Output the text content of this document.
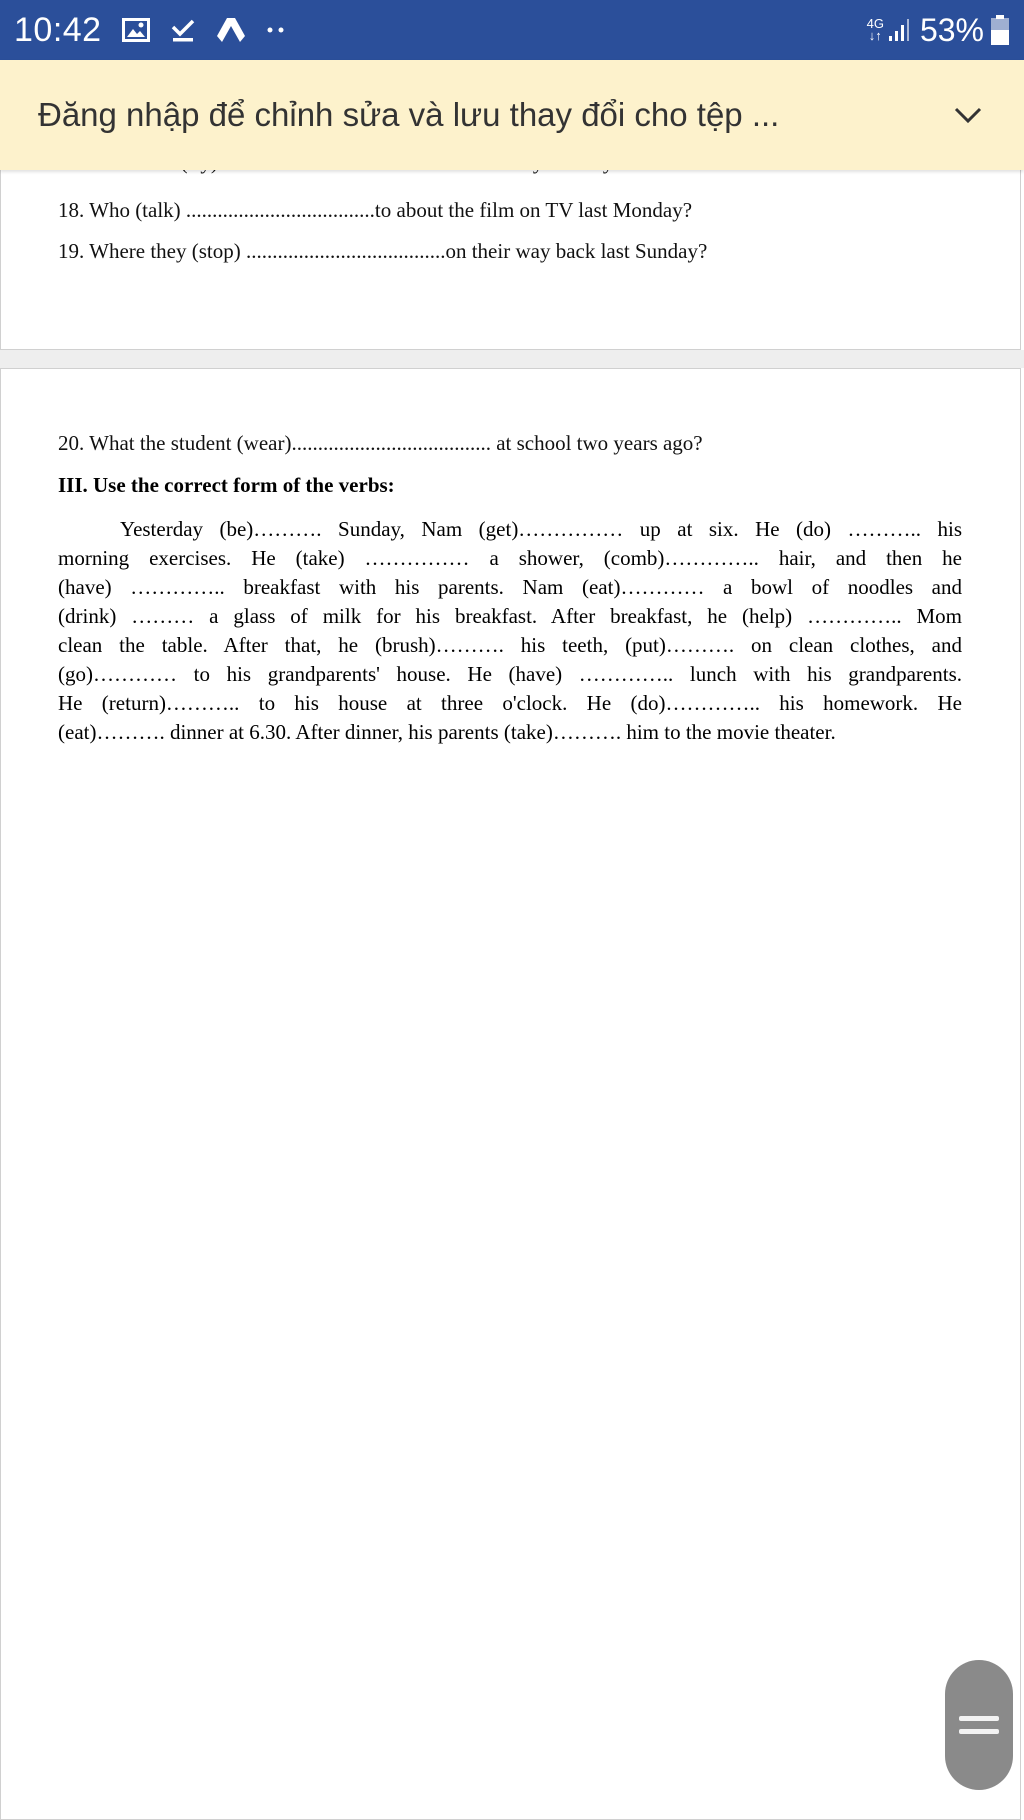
10:42	4G
↓↑ 53%
Đăng nhập để chỉnh sửa và lưu thay đổi cho tệp ...
18. Who (talk) ....................................to about the film on TV last Monday?
19. Where they (stop) ......................................on their way back last Sunday?
20. What the student (wear)...................................... at school two years ago?
III. Use the correct form of the verbs:
Yesterday (be)………. Sunday, Nam (get)…………… up at six. He (do) ……….. his
morning exercises. He (take) …………… a shower, (comb)………….. hair, and then he
(have) ………….. breakfast with his parents. Nam (eat)………… a bowl of noodles and
(drink) ……… a glass of milk for his breakfast. After breakfast, he (help) ………….. Mom
clean the table. After that, he (brush)………. his teeth, (put)………. on clean clothes, and
(go)………… to his grandparents' house. He (have) ………….. lunch with his grandparents.
He (return)……….. to his house at three o'clock. He (do)………….. his homework. He
(eat)………. dinner at 6.30. After dinner, his parents (take)………. him to the movie theater.
